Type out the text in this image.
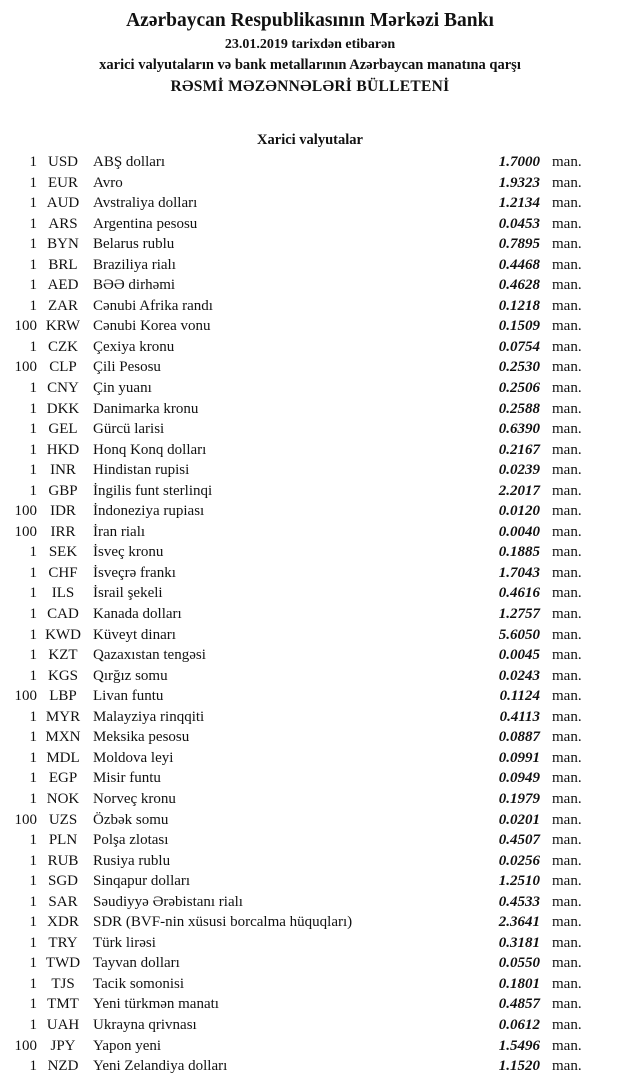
Azərbaycan Respublikasının Mərkəzi Bankı
23.01.2019 tarixdən etibarən
xarici valyutaların və bank metallarının Azərbaycan manatına qarşı
RƏSMİ MƏZƏNNƏLƏRİ BÜLLETENİ
Xarici valyutalar
1 USD	ABŞ dolları	1.7000 man.
1 EUR	Avro	1.9323 man.
1 AUD Avstraliya dolları	1.2134 man.
1 ARS	Argentina pesosu	0.0453 man.
1 BYN Belarus rublu	0.7895 man.
1 BRL	Braziliya rialı	0.4468 man.
1 AED BƏƏ dirhəmi	0.4628 man.
1 ZAR	Cənubi Afrika randı	0.1218 man.
100 KRW Cənubi Korea vonu	0.1509 man.
1 CZK	Çexiya kronu	0.0754 man.
100 CLP	Çili Pesosu	0.2530 man.
1 CNY Çin yuanı	0.2506 man.
1 DKK Danimarka kronu	0.2588 man.
1 GEL	Gürcü larisi	0.6390 man.
1 HKD Honq Konq dolları	0.2167 man.
1 INR	Hindistan rupisi	0.0239 man.
1 GBP	İngilis funt sterlinqi	2.2017 man.
100 IDR	İndoneziya rupiası	0.0120 man.
100 IRR	İran rialı	0.0040 man.
1 SEK	İsveç kronu	0.1885 man.
1 CHF	İsveçrə frankı	1.7043 man.
1 ILS	İsrail şekeli	0.4616 man.
1 CAD Kanada dolları	1.2757 man.
1 KWD Küveyt dinarı	5.6050 man.
1 KZT	Qazaxıstan tengəsi	0.0045 man.
1 KGS	Qırğız somu	0.0243 man.
100 LBP	Livan funtu	0.1124 man.
1 MYR Malayziya rinqqiti	0.4113 man.
1 MXN Meksika pesosu	0.0887 man.
1 MDL Moldova leyi	0.0991 man.
1 EGP	Misir funtu	0.0949 man.
1 NOK Norveç kronu	0.1979 man.
100 UZS	Özbək somu	0.0201 man.
1 PLN	Polşa zlotası	0.4507 man.
1 RUB Rusiya rublu	0.0256 man.
1 SGD	Sinqapur dolları	1.2510 man.
1 SAR	Səudiyyə Ərəbistanı rialı	0.4533 man.
1 XDR SDR (BVF-nin xüsusi borcalma hüquqları)	2.3641 man.
1 TRY	Türk lirəsi	0.3181 man.
1 TWD Tayvan dolları	0.0550 man.
1 TJS	Tacik somonisi	0.1801 man.
1 TMT Yeni türkmən manatı	0.4857 man.
1 UAH Ukrayna qrivnası	0.0612 man.
100 JPY	Yapon yeni	1.5496 man.
1 NZD Yeni Zelandiya dolları	1.1520 man.
